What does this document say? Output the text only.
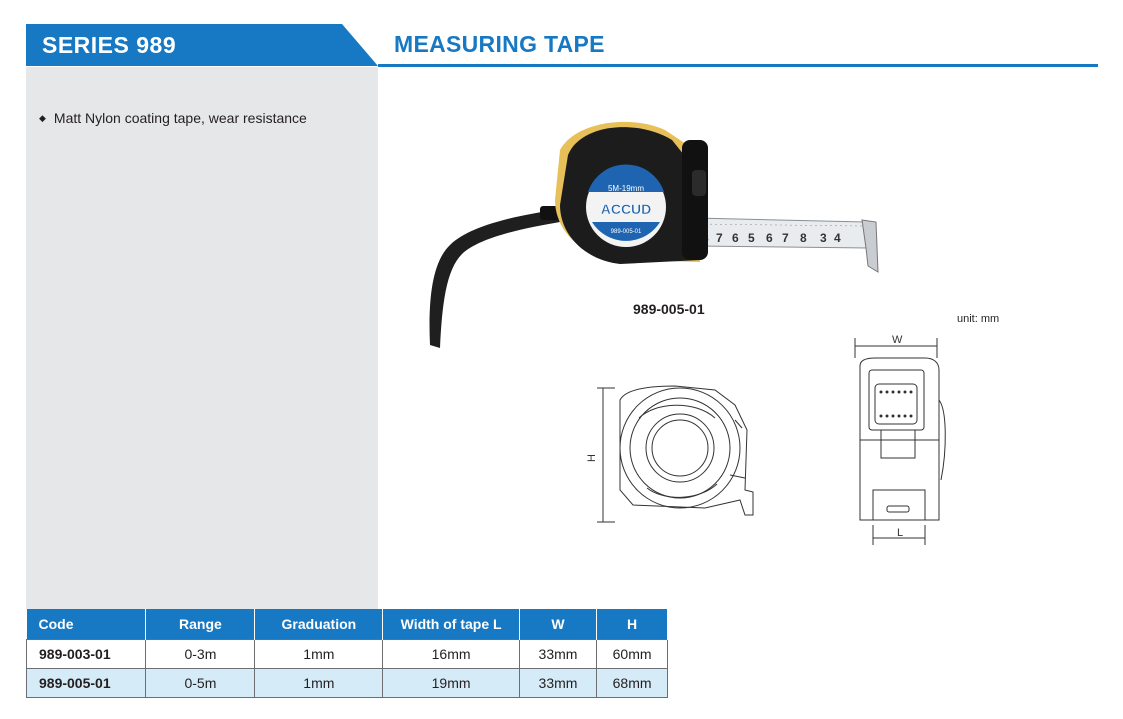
SERIES 989	MEASURING TAPE
◆ Matt Nylon coating tape, wear resistance
7 6 5 6 7 8 3 4
5M-19mm
ACCUD
989-005-01
989-005-01
unit: mm
H
W
L
Code	Range	Graduation	Width of tape L	W	H
989-003-01	0-3m	1mm	16mm	33mm	60mm
989-005-01	0-5m	1mm	19mm	33mm	68mm
